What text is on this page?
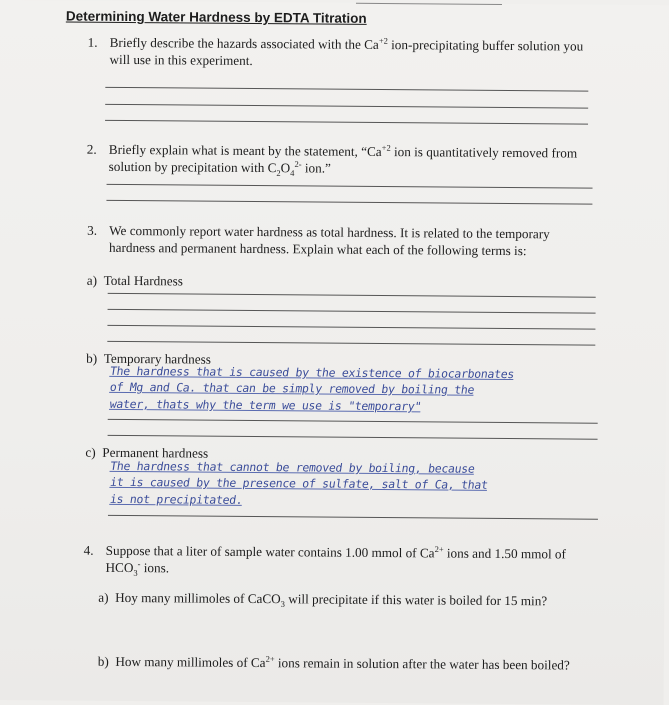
Determining Water Hardness by EDTA Titration
1. Briefly describe the hazards associated with the $Ca^{+2}$ ion-precipitating buffer solution you will use in this experiment.
2. Briefly explain what is meant by the statement, “$Ca^{+2}$ ion is quantitatively removed from solution by precipitation with $C_2O_4^{2-}$ ion.”
3. We commonly report water hardness as total hardness. It is related to the temporary hardness and permanent hardness. Explain what each of the following terms is:
a) Total Hardness
b) Temporary hardness
The hardness that is caused by the existence of biocarbonates
of Mg and Ca. that can be simply removed by boiling the
water, thats why the term we use is "temporary"
c) Permanent hardness
The hardness that cannot be removed by boiling, because
it is caused by the presence of sulfate, salt of Ca, that
is not precipitated.
4. Suppose that a liter of sample water contains 1.00 mmol of $Ca^{2+}$ ions and 1.50 mmol of $HCO_3^-$ ions.
a) Hoy many millimoles of CaCO$_3$ will precipitate if this water is boiled for 15 min?
b) How many millimoles of $Ca^{2+}$ ions remain in solution after the water has been boiled?
